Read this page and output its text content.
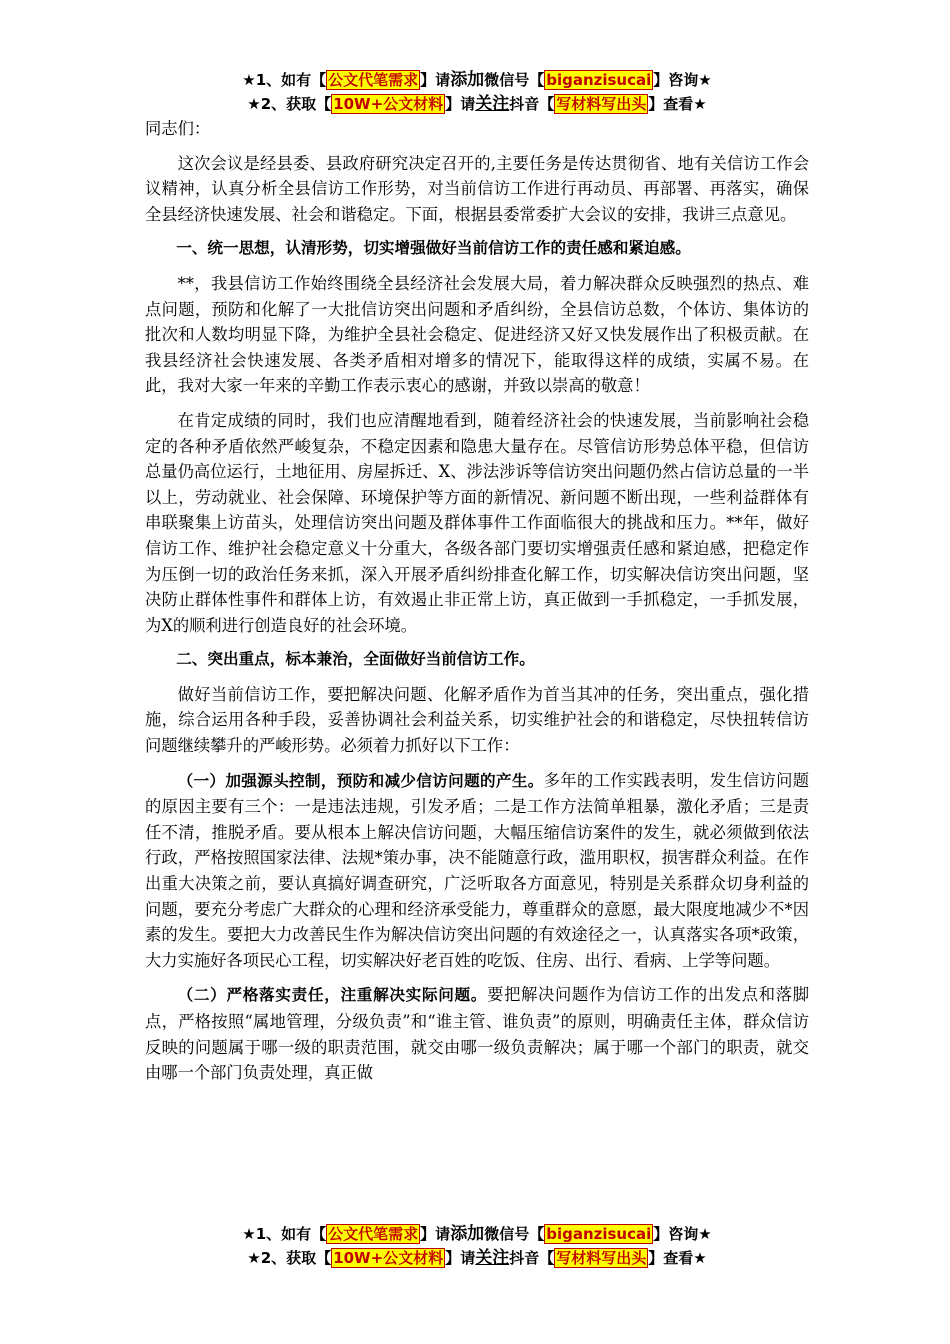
★1、如有【 公文代笔需求 】请添加微信号【 biganzisucai 】咨询★
★2、获取【 10W+公文材料 】请关注抖音【 写材料写出头 】查看★

同志们：

这次会议是经县委、县政府研究决定召开的,主要任务是传达贯彻省、地有关信访工作会议精神，认真分析全县信访工作形势，对当前信访工作进行再动员、再部署、再落实，确保全县经济快速发展、社会和谐稳定。下面，根据县委常委扩大会议的安排，我讲三点意见。

一、统一思想，认清形势，切实增强做好当前信访工作的责任感和紧迫感。

**，我县信访工作始终围绕全县经济社会发展大局，着力解决群众反映强烈的热点、难点问题，预防和化解了一大批信访突出问题和矛盾纠纷，全县信访总数，个体访、集体访的批次和人数均明显下降，为维护全县社会稳定、促进经济又好又快发展作出了积极贡献。在我县经济社会快速发展、各类矛盾相对增多的情况下，能取得这样的成绩，实属不易。在此，我对大家一年来的辛勤工作表示衷心的感谢，并致以崇高的敬意！

在肯定成绩的同时，我们也应清醒地看到，随着经济社会的快速发展，当前影响社会稳定的各种矛盾依然严峻复杂，不稳定因素和隐患大量存在。尽管信访形势总体平稳，但信访总量仍高位运行，土地征用、房屋拆迁、X、涉法涉诉等信访突出问题仍然占信访总量的一半以上，劳动就业、社会保障、环境保护等方面的新情况、新问题不断出现，一些利益群体有串联聚集上访苗头，处理信访突出问题及群体事件工作面临很大的挑战和压力。**年，做好信访工作、维护社会稳定意义十分重大，各级各部门要切实增强责任感和紧迫感，把稳定作为压倒一切的政治任务来抓，深入开展矛盾纠纷排查化解工作，切实解决信访突出问题，坚决防止群体性事件和群体上访，有效遏止非正常上访，真正做到一手抓稳定，一手抓发展，为X的顺利进行创造良好的社会环境。

二、突出重点，标本兼治，全面做好当前信访工作。

做好当前信访工作，要把解决问题、化解矛盾作为首当其冲的任务，突出重点，强化措施，综合运用各种手段，妥善协调社会利益关系，切实维护社会的和谐稳定，尽快扭转信访问题继续攀升的严峻形势。必须着力抓好以下工作：

（一）加强源头控制，预防和减少信访问题的产生。多年的工作实践表明，发生信访问题的原因主要有三个：一是违法违规，引发矛盾；二是工作方法简单粗暴，激化矛盾；三是责任不清，推脱矛盾。要从根本上解决信访问题，大幅压缩信访案件的发生，就必须做到依法行政，严格按照国家法律、法规*策办事，决不能随意行政，滥用职权，损害群众利益。在作出重大决策之前，要认真搞好调查研究，广泛听取各方面意见，特别是关系群众切身利益的问题，要充分考虑广大群众的心理和经济承受能力，尊重群众的意愿，最大限度地减少不*因素的发生。要把大力改善民生作为解决信访突出问题的有效途径之一，认真落实各项*政策，大力实施好各项民心工程，切实解决好老百姓的吃饭、住房、出行、看病、上学等问题。

（二）严格落实责任，注重解决实际问题。要把解决问题作为信访工作的出发点和落脚点，严格按照“属地管理，分级负责”和“谁主管、谁负责”的原则，明确责任主体，群众信访反映的问题属于哪一级的职责范围，就交由哪一级负责解决；属于哪一个部门的职责，就交由哪一个部门负责处理，真正做

★1、如有【 公文代笔需求 】请添加微信号【 biganzisucai 】咨询★
★2、获取【 10W+公文材料 】请关注抖音【 写材料写出头 】查看★
